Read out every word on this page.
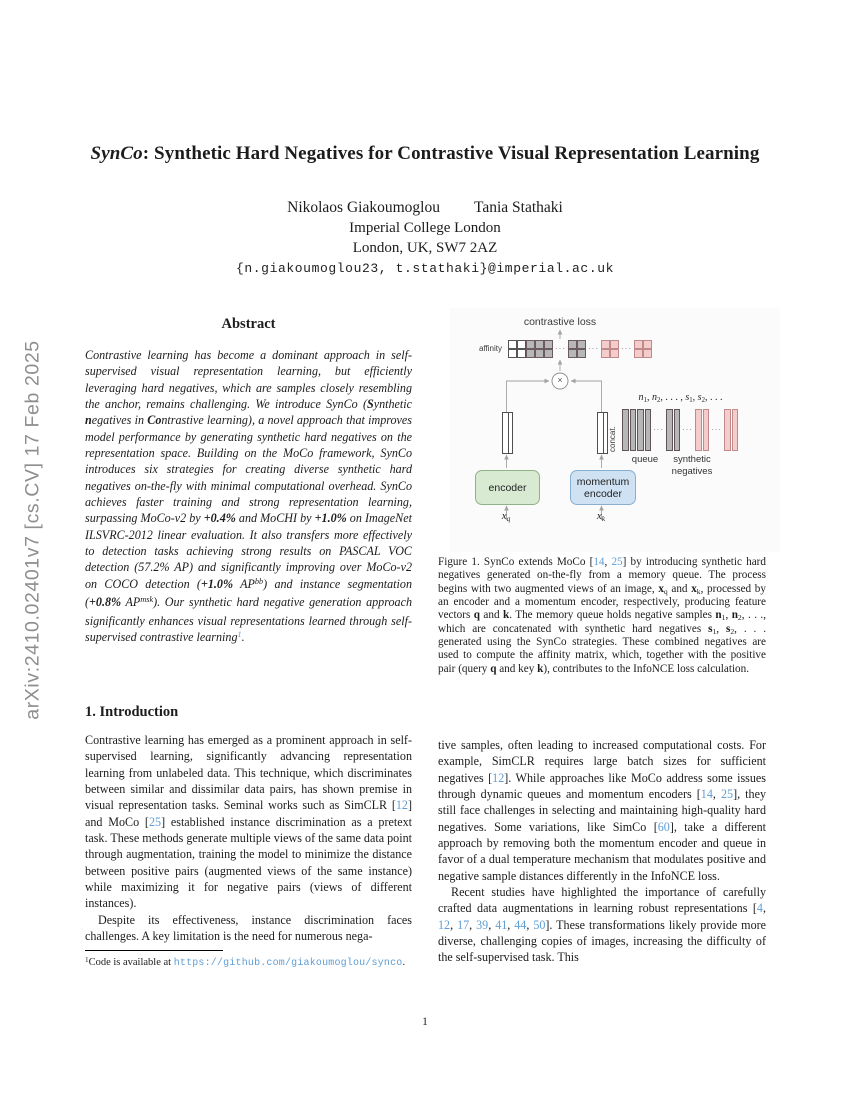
arXiv:2410.02401v7 [cs.CV] 17 Feb 2025
SynCo: Synthetic Hard Negatives for Contrastive Visual Representation Learning
Nikolaos Giakoumoglou Tania Stathaki
Imperial College London
London, UK, SW7 2AZ
{n.giakoumoglou23, t.stathaki}@imperial.ac.uk
Abstract
Contrastive learning has become a dominant approach in self-supervised visual representation learning, but efficiently leveraging hard negatives, which are samples closely resembling the anchor, remains challenging. We introduce SynCo (Synthetic negatives in Contrastive learning), a novel approach that improves model performance by generating synthetic hard negatives on the representation space. Building on the MoCo framework, SynCo introduces six strategies for creating diverse synthetic hard negatives on-the-fly with minimal computational overhead. SynCo achieves faster training and strong representation learning, surpassing MoCo-v2 by +0.4% and MoCHI by +1.0% on ImageNet ILSVRC-2012 linear evaluation. It also transfers more effectively to detection tasks achieving strong results on PASCAL VOC detection (57.2% AP) and significantly improving over MoCo-v2 on COCO detection (+1.0% $AP^{bb}$) and instance segmentation (+0.8% $AP^{msk}$). Our synthetic hard negative generation approach significantly enhances visual representations learned through self-supervised contrastive learning$^1$.
1. Introduction
Contrastive learning has emerged as a prominent approach in self-supervised learning, significantly advancing representation learning from unlabeled data. This technique, which discriminates between similar and dissimilar data pairs, has shown premise in visual representation tasks. Seminal works such as SimCLR [12] and MoCo [25] established instance discrimination as a pretext task. These methods generate multiple views of the same data point through augmentation, training the model to minimize the distance between positive pairs (augmented views of the same instance) while maximizing it for negative pairs (views of different instances).
Despite its effectiveness, instance discrimination faces challenges. A key limitation is the need for numerous nega-
$^1$Code is available at https://github.com/giakoumoglou/synco.
contrastive loss
affinity	···	···	···
×
concat.
n1, n2, . . . , s1, s2, . . .
··· ··· ···
queue	synthetic negatives
encoder	momentum encoder
xq	xk
Figure 1. SynCo extends MoCo [14, 25] by introducing synthetic hard negatives generated on-the-fly from a memory queue. The process begins with two augmented views of an image, xq and xk, processed by an encoder and a momentum encoder, respectively, producing feature vectors q and k. The memory queue holds negative samples n1, n2, . . ., which are concatenated with synthetic hard negatives s1, s2, . . . generated using the SynCo strategies. These combined negatives are used to compute the affinity matrix, which, together with the positive pair (query q and key k), contributes to the InfoNCE loss calculation.
tive samples, often leading to increased computational costs. For example, SimCLR requires large batch sizes for sufficient negatives [12]. While approaches like MoCo address some issues through dynamic queues and momentum encoders [14, 25], they still face challenges in selecting and maintaining high-quality hard negatives. Some variations, like SimCo [60], take a different approach by removing both the momentum encoder and queue in favor of a dual temperature mechanism that modulates positive and negative sample distances differently in the InfoNCE loss.
Recent studies have highlighted the importance of carefully crafted data augmentations in learning robust representations [4, 12, 17, 39, 41, 44, 50]. These transformations likely provide more diverse, challenging copies of images, increasing the difficulty of the self-supervised task. This
1
